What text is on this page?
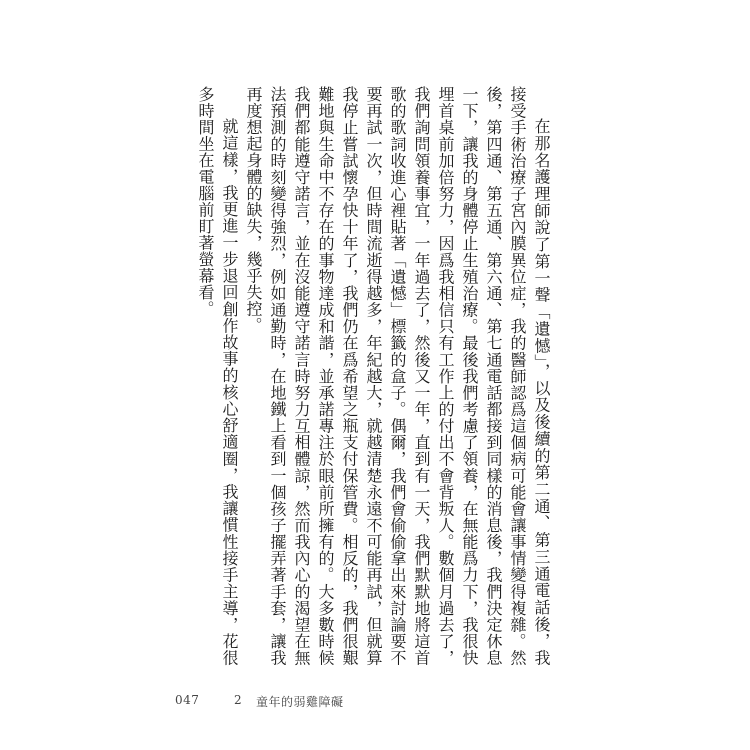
在那名護理師說了第一聲「遺憾」，以及後續的第二通、第三通電話後，我接受手術治療子宮內膜異位症，我的醫師認爲這個病可能會讓事情變得複雜。然後，第四通、第五通、第六通、第七通電話都接到同樣的消息後，我們決定休息一下，讓我的身體停止生殖治療。最後我們考慮了領養，在無能爲力下，我很快埋首桌前加倍努力，因爲我相信只有工作上的付出不會背叛人。數個月過去了，我們詢問領養事宜，一年過去了，然後又一年，直到有一天，我們默默地將這首歌的歌詞收進心裡貼著「遺憾」標籤的盒子。偶爾，我們會偷偷拿出來討論要不要再試一次，但時間流逝得越多，年紀越大，就越清楚永遠不可能再試，但就算我停止嘗試懷孕快十年了，我們仍在爲希望之瓶支付保管費。相反的，我們很艱難地與生命中不存在的事物達成和諧，並承諾專注於眼前所擁有的。大多數時候我們都能遵守諾言，並在沒能遵守諾言時努力互相體諒，然而我內心的渴望在無法預測的時刻變得強烈，例如通勤時，在地鐵上看到一個孩子擺弄著手套，讓我再度想起身體的缺失，幾乎失控。

就這樣，我更進一步退回創作故事的核心舒適圈，我讓慣性接手主導，花很多時間坐在電腦前盯著螢幕看。

047	2 童年的弱雞障礙
